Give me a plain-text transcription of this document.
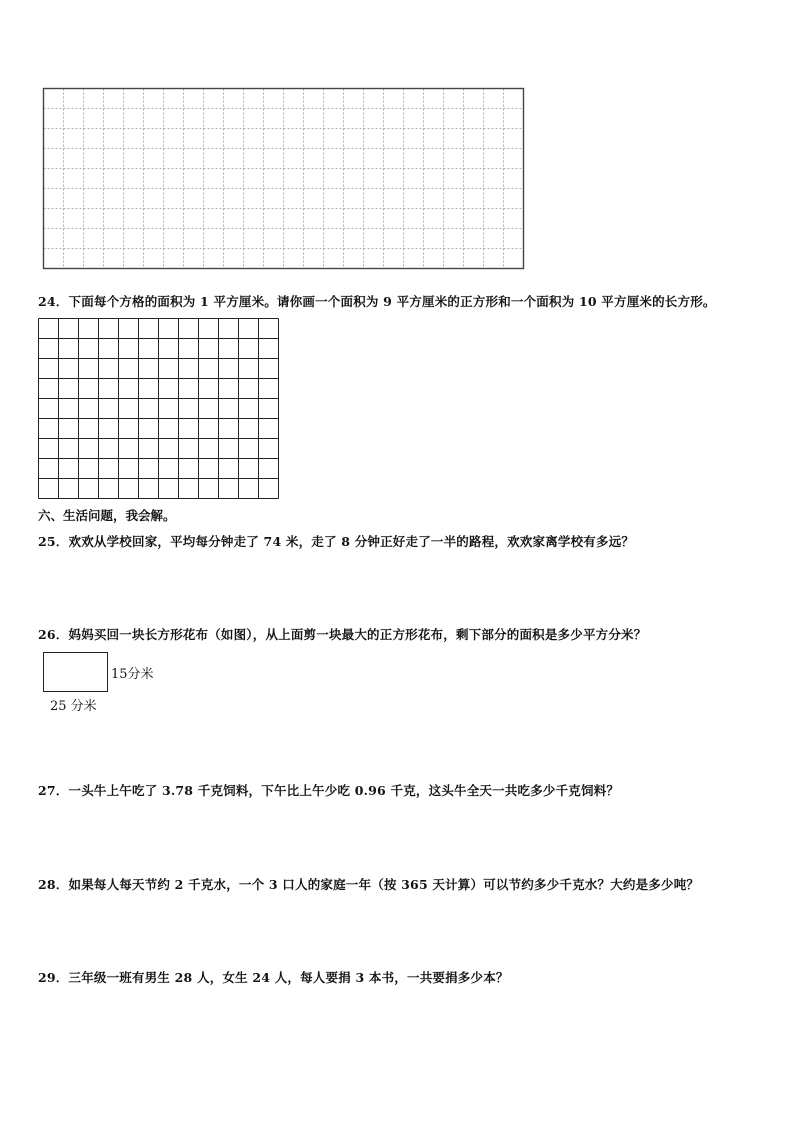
24．下面每个方格的面积为 1 平方厘米。请你画一个面积为 9 平方厘米的正方形和一个面积为 10 平方厘米的长方形。
六、生活问题，我会解。
25．欢欢从学校回家，平均每分钟走了 74 米，走了 8 分钟正好走了一半的路程，欢欢家离学校有多远？
26．妈妈买回一块长方形花布（如图），从上面剪一块最大的正方形花布，剩下部分的面积是多少平方分米？
15分米
25 分米
27．一头牛上午吃了 3.78 千克饲料，下午比上午少吃 0.96 千克，这头牛全天一共吃多少千克饲料？
28．如果每人每天节约 2 千克水，一个 3 口人的家庭一年（按 365 天计算）可以节约多少千克水？大约是多少吨？
29．三年级一班有男生 28 人，女生 24 人，每人要捐 3 本书，一共要捐多少本？
